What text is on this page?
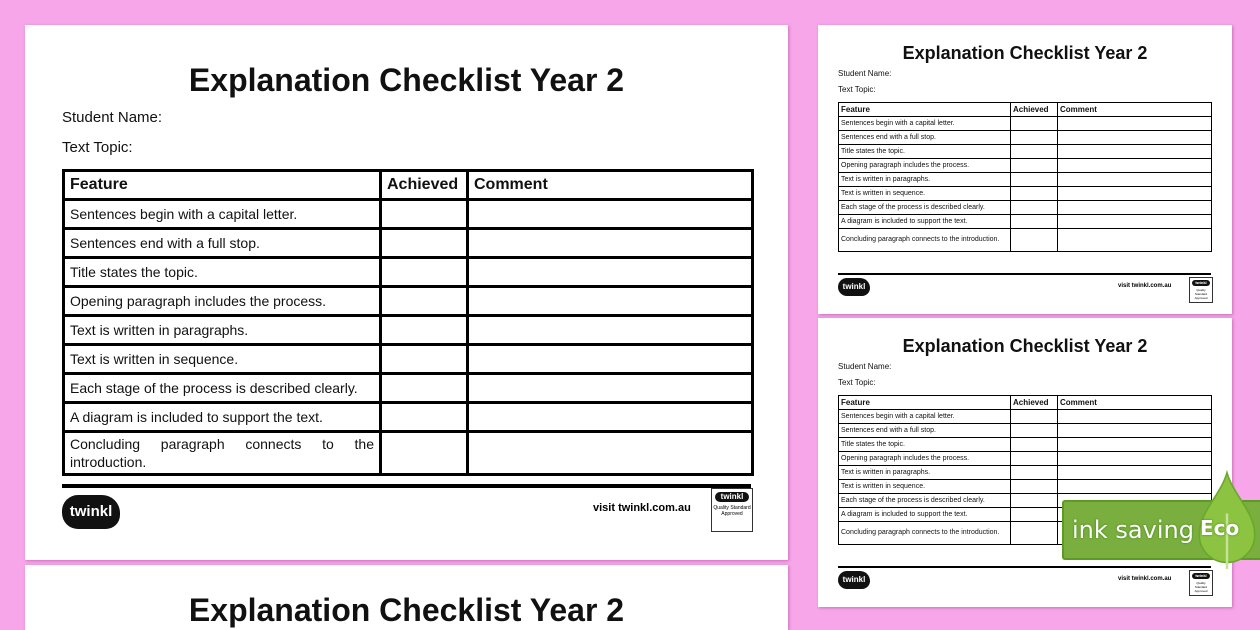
Explanation Checklist Year 2
Explanation Checklist Year 2
Student Name:
Text Topic:
Feature	Achieved	Comment
Sentences begin with a capital letter.		
Sentences end with a full stop.		
Title states the topic.		
Opening paragraph includes the process.		
Text is written in paragraphs.		
Text is written in sequence.		
Each stage of the process is described clearly.		
A diagram is included to support the text.		
Concluding paragraph connects to the introduction.		
twinkl	visit twinkl.com.au
twinkl
Quality Standard
Approved
Explanation Checklist Year 2
Student Name:
Text Topic:
Feature	Achieved	Comment
Sentences begin with a capital letter.		
Sentences end with a full stop.		
Title states the topic.		
Opening paragraph includes the process.		
Text is written in paragraphs.		
Text is written in sequence.		
Each stage of the process is described clearly.		
A diagram is included to support the text.		
Concluding paragraph connects to the introduction.		
twinkl	visit twinkl.com.au
twinkl
Quality Standard
Approved
Explanation Checklist Year 2
Student Name:
Text Topic:
Feature	Achieved	Comment
Sentences begin with a capital letter.		
Sentences end with a full stop.		
Title states the topic.		
Opening paragraph includes the process.		
Text is written in paragraphs.		
Text is written in sequence.		
Each stage of the process is described clearly.		
A diagram is included to support the text.		
Concluding paragraph connects to the introduction.		
twinkl	visit twinkl.com.au
twinkl
Quality Standard
Approved
ink saving Eco
